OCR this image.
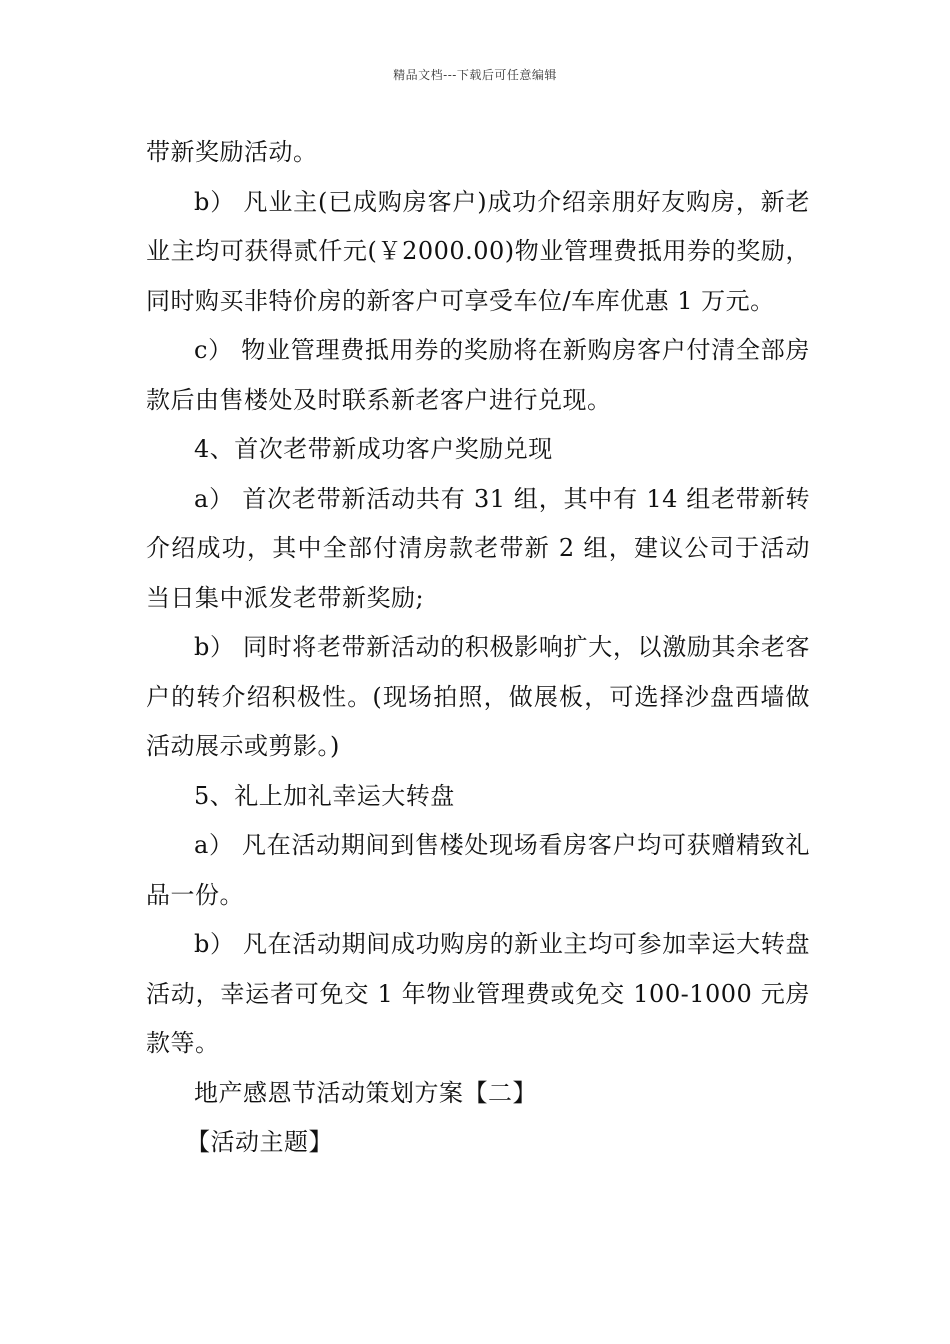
精品文档---下载后可任意编辑

带新奖励活动。

b） 凡业主(已成购房客户)成功介绍亲朋好友购房，新老业主均可获得贰仟元(￥2000.00)物业管理费抵用券的奖励，同时购买非特价房的新客户可享受车位/车库优惠 1 万元。

c） 物业管理费抵用券的奖励将在新购房客户付清全部房款后由售楼处及时联系新老客户进行兑现。

4、首次老带新成功客户奖励兑现

a） 首次老带新活动共有 31 组，其中有 14 组老带新转介绍成功，其中全部付清房款老带新 2 组，建议公司于活动当日集中派发老带新奖励;

b） 同时将老带新活动的积极影响扩大，以激励其余老客户的转介绍积极性。(现场拍照，做展板，可选择沙盘西墙做活动展示或剪影。)

5、礼上加礼幸运大转盘

a） 凡在活动期间到售楼处现场看房客户均可获赠精致礼品一份。

b） 凡在活动期间成功购房的新业主均可参加幸运大转盘活动，幸运者可免交 1 年物业管理费或免交 100-1000 元房款等。

地产感恩节活动策划方案【二】

【活动主题】
